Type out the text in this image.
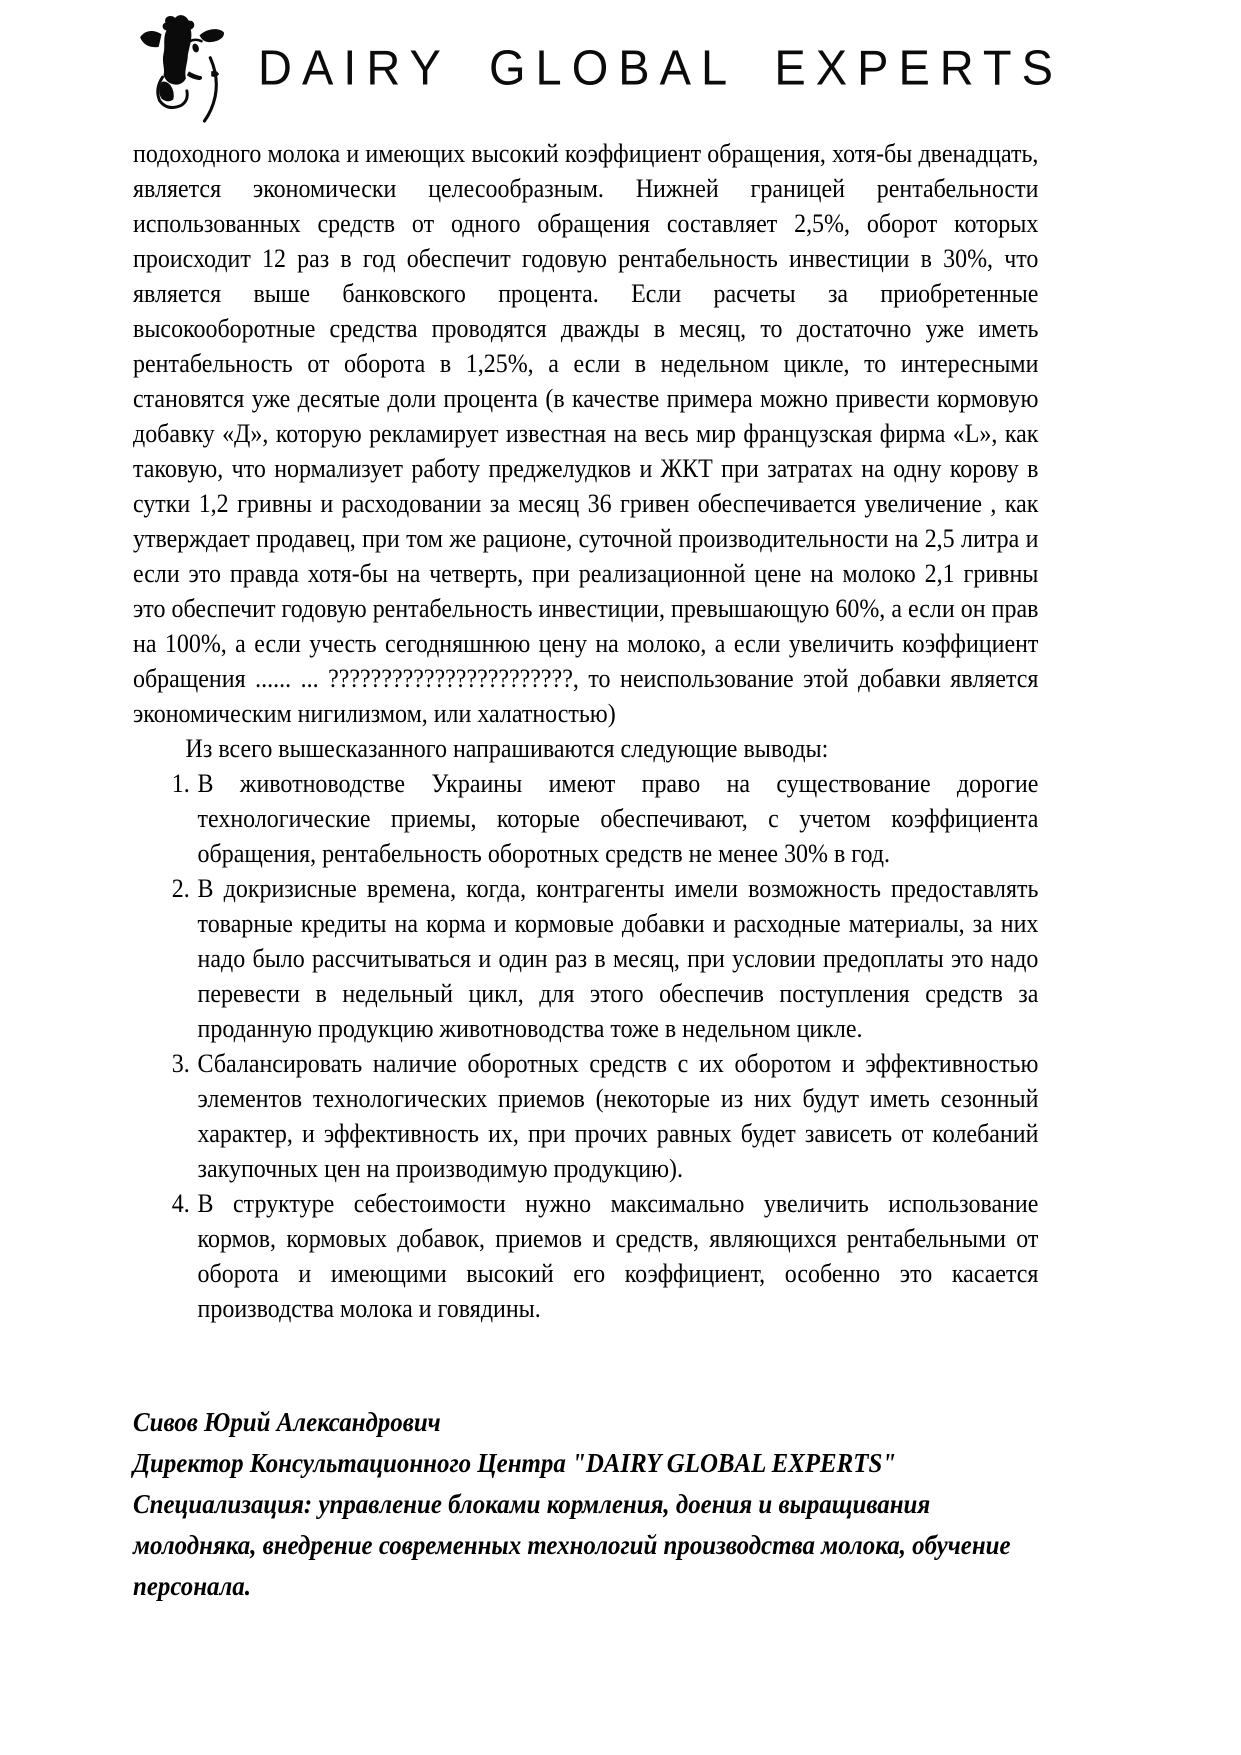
DAIRY GLOBAL EXPERTS

подоходного молока и имеющих высокий коэффициент обращения, хотя-бы двенадцать, является экономически целесообразным. Нижней границей рентабельности использованных средств от одного обращения составляет 2,5%, оборот которых происходит 12 раз в год обеспечит годовую рентабельность инвестиции в 30%, что является выше банковского процента. Если расчеты за приобретенные высокооборотные средства проводятся дважды в месяц, то достаточно уже иметь рентабельность от оборота в 1,25%, а если в недельном цикле, то интересными становятся уже десятые доли процента (в качестве примера можно привести кормовую добавку «Д», которую рекламирует известная на весь мир французская фирма «L», как таковую, что нормализует работу преджелудков и ЖКТ при затратах на одну корову в сутки 1,2 гривны и расходовании за месяц 36 гривен обеспечивается увеличение , как утверждает продавец, при том же рационе, суточной производительности на 2,5 литра и если это правда хотя-бы на четверть, при реализационной цене на молоко 2,1 гривны это обеспечит годовую рентабельность инвестиции, превышающую 60%, а если он прав на 100%, а если учесть сегодняшнюю цену на молоко, а если увеличить коэффициент обращения ...... ... ???????????????????????, то неиспользование этой добавки является экономическим нигилизмом, или халатностью)

Из всего вышесказанного напрашиваются следующие выводы:

1. В животноводстве Украины имеют право на существование дорогие технологические приемы, которые обеспечивают, с учетом коэффициента обращения, рентабельность оборотных средств не менее 30% в год.
2. В докризисные времена, когда, контрагенты имели возможность предоставлять товарные кредиты на корма и кормовые добавки и расходные материалы, за них надо было рассчитываться и один раз в месяц, при условии предоплаты это надо перевести в недельный цикл, для этого обеспечив поступления средств за проданную продукцию животноводства тоже в недельном цикле.
3. Сбалансировать наличие оборотных средств с их оборотом и эффективностью элементов технологических приемов (некоторые из них будут иметь сезонный характер, и эффективность их, при прочих равных будет зависеть от колебаний закупочных цен на производимую продукцию).
4. В структуре себестоимости нужно максимально увеличить использование кормов, кормовых добавок, приемов и средств, являющихся рентабельными от оборота и имеющими высокий его коэффициент, особенно это касается производства молока и говядины.

Сивов Юрий Александрович

Директор Консультационного Центра "DAIRY GLOBAL EXPERTS"

Специализация: управление блоками кормления, доения и выращивания молодняка, внедрение современных технологий производства молока, обучение персонала.
